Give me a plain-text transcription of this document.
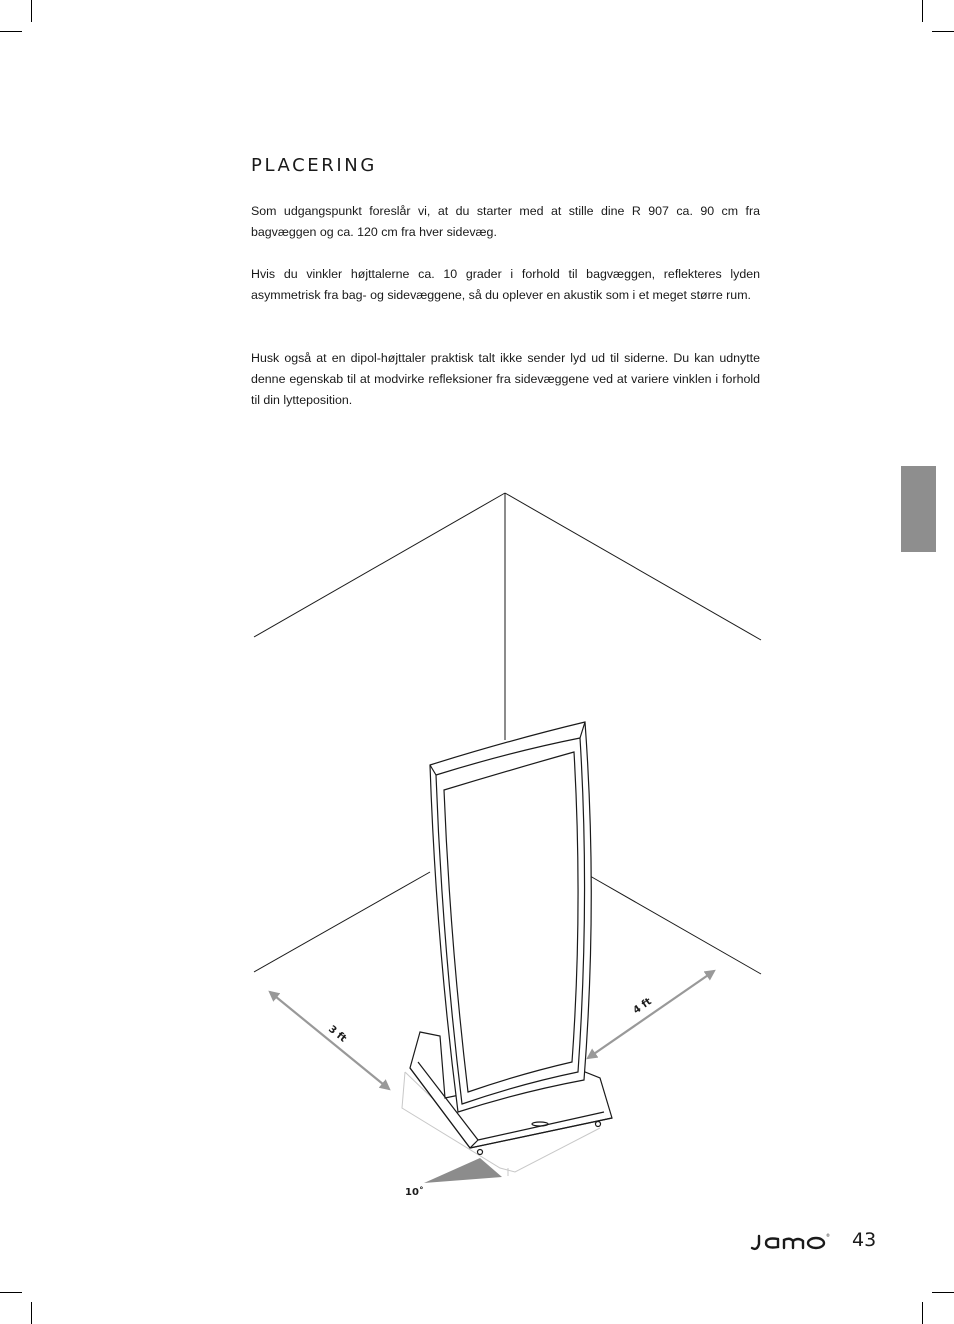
PLACERING

Som udgangspunkt foreslår vi, at du starter med at stille dine R 907 ca. 90 cm fra bagvæggen og ca. 120 cm fra hver sidevæg.

Hvis du vinkler højttalerne ca. 10 grader i forhold til bagvæggen, reflekteres lyden asymmetrisk fra bag- og sidevæggene, så du oplever en akustik som i et meget større rum.

Husk også at en dipol-højttaler praktisk talt ikke sender lyd ud til siderne. Du kan udnytte denne egenskab til at modvirke refleksioner fra sidevæggene ved at variere vinklen i forhold til din lytteposition.

3 ft
4 ft
10˚
® 43
